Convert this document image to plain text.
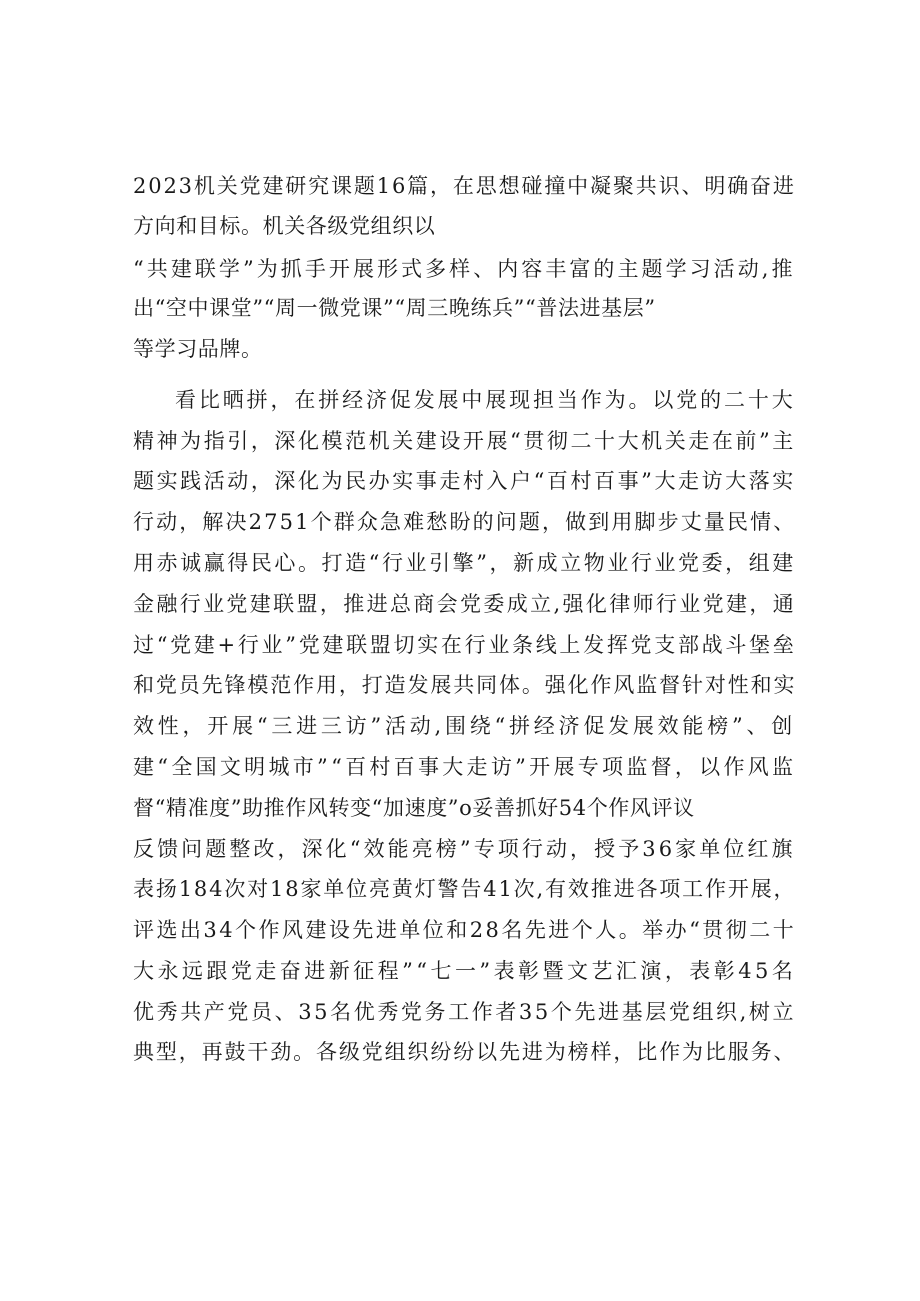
2023机关党建研究课题16篇，在思想碰撞中凝聚共识、明确奋进

方向和目标。机关各级党组织以

“共建联学”为抓手开展形式多样、内容丰富的主题学习活动,推

出“空中课堂”“周一微党课”“周三晚练兵”“普法进基层”

等学习品牌。

看比晒拼，在拼经济促发展中展现担当作为。以党的二十大

精神为指引，深化模范机关建设开展“贯彻二十大机关走在前”主

题实践活动，深化为民办实事走村入户“百村百事”大走访大落实

行动，解决2751个群众急难愁盼的问题，做到用脚步丈量民情、

用赤诚赢得民心。打造“行业引擎”，新成立物业行业党委，组建

金融行业党建联盟，推进总商会党委成立,强化律师行业党建，通

过“党建+行业”党建联盟切实在行业条线上发挥党支部战斗堡垒

和党员先锋模范作用，打造发展共同体。强化作风监督针对性和实

效性，开展“三进三访”活动,围绕“拼经济促发展效能榜”、创

建“全国文明城市”“百村百事大走访”开展专项监督，以作风监

督“精准度”助推作风转变“加速度”o妥善抓好54个作风评议

反馈问题整改，深化“效能亮榜”专项行动，授予36家单位红旗

表扬184次对18家单位亮黄灯警告41次,有效推进各项工作开展，

评选出34个作风建设先进单位和28名先进个人。举办“贯彻二十

大永远跟党走奋进新征程”“七一”表彰暨文艺汇演，表彰45名

优秀共产党员、35名优秀党务工作者35个先进基层党组织,树立

典型，再鼓干劲。各级党组织纷纷以先进为榜样，比作为比服务、
